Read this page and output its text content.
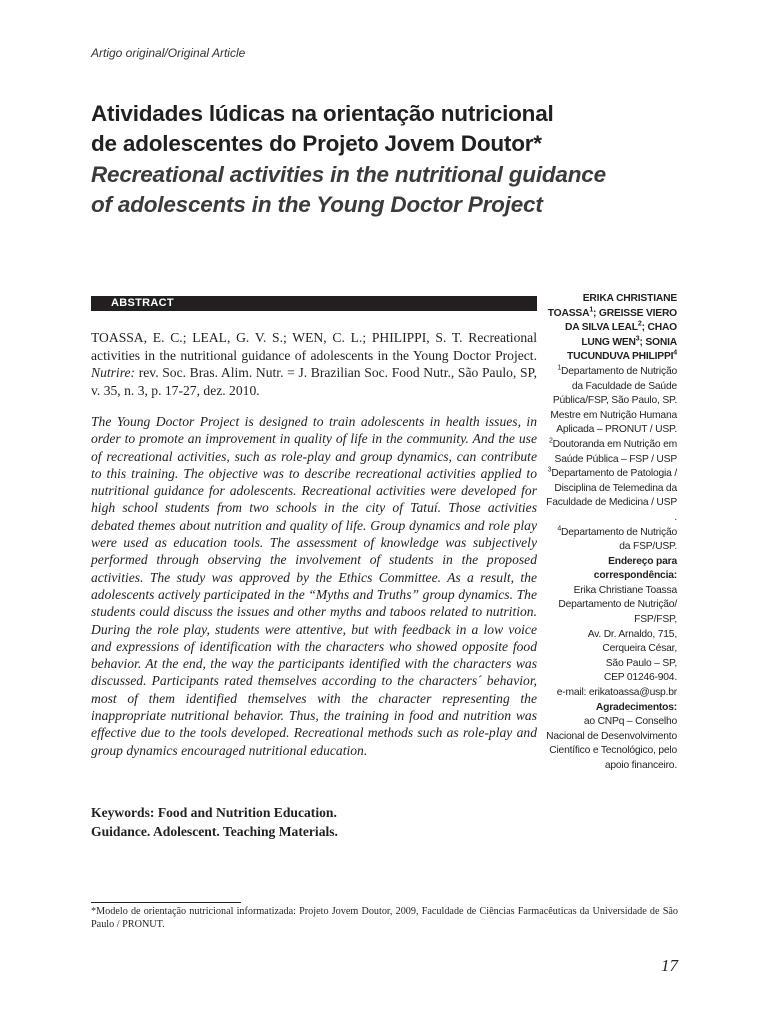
Artigo original/Original Article
Atividades lúdicas na orientação nutricional
de adolescentes do Projeto Jovem Doutor*
Recreational activities in the nutritional guidance
of adolescents in the Young Doctor Project
ABSTRACT
TOASSA, E. C.; LEAL, G. V. S.; WEN, C. L.; PHILIPPI, S. T. Recreational activities in the nutritional guidance of adolescents in the Young Doctor Project. Nutrire: rev. Soc. Bras. Alim. Nutr. = J. Brazilian Soc. Food Nutr., São Paulo, SP, v. 35, n. 3, p. 17-27, dez. 2010.
The Young Doctor Project is designed to train adolescents in health issues, in order to promote an improvement in quality of life in the community. And the use of recreational activities, such as role-play and group dynamics, can contribute to this training. The objective was to describe recreational activities applied to nutritional guidance for adolescents. Recreational activities were developed for high school students from two schools in the city of Tatuí. Those activities debated themes about nutrition and quality of life. Group dynamics and role play were used as education tools. The assessment of knowledge was subjectively performed through observing the involvement of students in the proposed activities. The study was approved by the Ethics Committee. As a result, the adolescents actively participated in the “Myths and Truths” group dynamics. The students could discuss the issues and other myths and taboos related to nutrition. During the role play, students were attentive, but with feedback in a low voice and expressions of identification with the characters who showed opposite food behavior. At the end, the way the participants identified with the characters was discussed. Participants rated themselves according to the characters´ behavior, most of them identified themselves with the character representing the inappropriate nutritional behavior. Thus, the training in food and nutrition was effective due to the tools developed. Recreational methods such as role-play and group dynamics encouraged nutritional education.
Keywords: Food and Nutrition Education.
Guidance. Adolescent. Teaching Materials.
ERIKA CHRISTIANE
TOASSA$^1$; GREISSE VIERO
DA SILVA LEAL$^2$; CHAO
LUNG WEN$^3$; SONIA
TUCUNDUVA PHILIPPI$^4$
$^1$Departamento de Nutrição da Faculdade de Saúde Pública/FSP, São Paulo, SP. Mestre em Nutrição Humana Aplicada – PRONUT / USP.
$^2$Doutoranda em Nutrição em Saúde Pública – FSP / USP
$^3$Departamento de Patologia / Disciplina de Telemedina da Faculdade de Medicina / USP .
$^4$Departamento de Nutrição da FSP/USP.
Endereço para correspondência:
Erika Christiane Toassa
Departamento de Nutrição/ FSP/FSP,
Av. Dr. Arnaldo, 715,
Cerqueira César,
São Paulo – SP,
CEP 01246-904.
e-mail: erikatoassa@usp.br
Agradecimentos:
ao CNPq – Conselho Nacional de Desenvolvimento Científico e Tecnológico, pelo apoio financeiro.
*Modelo de orientação nutricional informatizada: Projeto Jovem Doutor, 2009, Faculdade de Ciências Farmacêuticas da Universidade de São Paulo / PRONUT.
17
